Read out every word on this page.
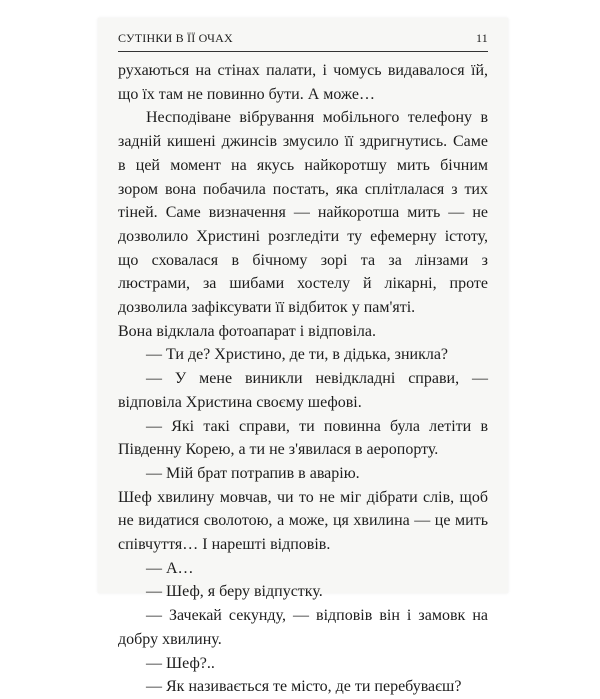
СУТІНКИ В ЇЇ ОЧАХ	11

рухаються на стінах палати, і чомусь видавалося їй, що їх там не повинно бути. А може…

Несподіване вібрування мобільного телефону в задній кишені джинсів змусило її здригнутись. Саме в цей момент на якусь найкоротшу мить бічним зором вона побачила постать, яка сплітлалася з тих тіней. Саме визначення — найкоротша мить — не дозволило Христині розгледіти ту ефемерну істоту, що сховалася в бічному зорі та за лінзами з люстрами, за шибами хостелу й лікарні, проте дозволила зафіксувати її відбиток у пам'яті.

Вона відклала фотоапарат і відповіла.

— Ти де? Христино, де ти, в дідька, зникла?

— У мене виникли невідкладні справи, — відповіла Христина своєму шефові.

— Які такі справи, ти повинна була летіти в Південну Корею, а ти не з'явилася в аеропорту.

— Мій брат потрапив в аварію.

Шеф хвилину мовчав, чи то не міг дібрати слів, щоб не видатися сволотою, а може, ця хвилина — це мить співчуття… І нарешті відповів.

— А…

— Шеф, я беру відпустку.

— Зачекай секунду, — відповів він і замовк на добру хвилину.

— Шеф?..

— Як називається те місто, де ти перебуваєш?
